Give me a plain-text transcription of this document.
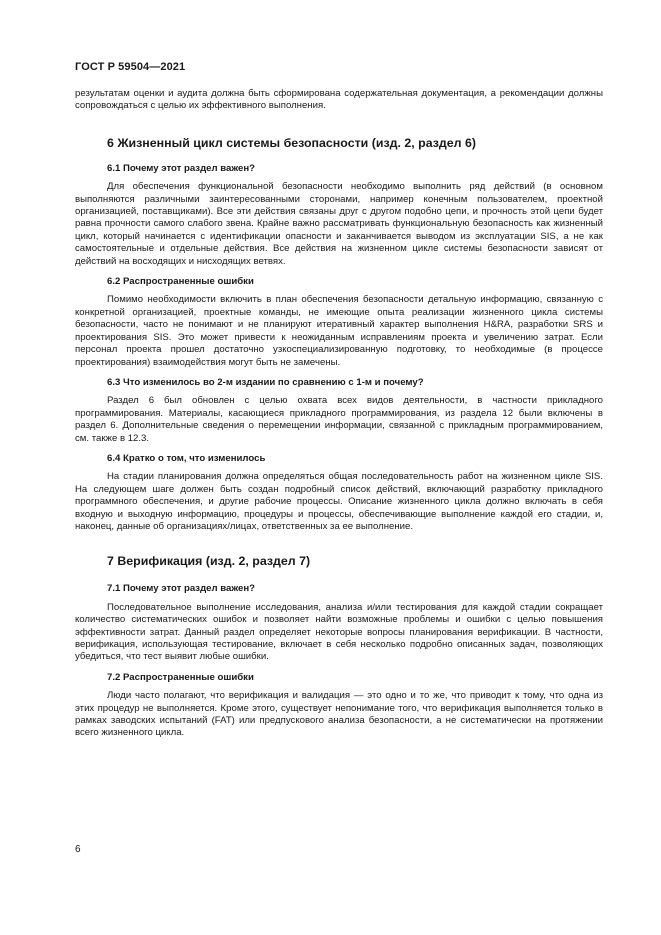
ГОСТ Р 59504—2021

результатам оценки и аудита должна быть сформирована содержательная документация, а рекомендации должны сопровождаться с целью их эффективного выполнения.

6 Жизненный цикл системы безопасности (изд. 2, раздел 6)
6.1 Почему этот раздел важен?

Для обеспечения функциональной безопасности необходимо выполнить ряд действий (в основном выполняются различными заинтересованными сторонами, например конечным пользователем, проектной организацией, поставщиками). Все эти действия связаны друг с другом подобно цепи, и прочность этой цепи будет равна прочности самого слабого звена. Крайне важно рассматривать функциональную безопасность как жизненный цикл, который начинается с идентификации опасности и заканчивается выводом из эксплуатации SIS, а не как самостоятельные и отдельные действия. Все действия на жизненном цикле системы безопасности зависят от действий на восходящих и нисходящих ветвях.

6.2 Распространенные ошибки

Помимо необходимости включить в план обеспечения безопасности детальную информацию, связанную с конкретной организацией, проектные команды, не имеющие опыта реализации жизненного цикла системы безопасности, часто не понимают и не планируют итеративный характер выполнения H&RA, разработки SRS и проектирования SIS. Это может привести к неожиданным исправлениям проекта и увеличению затрат. Если персонал проекта прошел достаточно узкоспециализированную подготовку, то необходимые (в процессе проектирования) взаимодействия могут быть не замечены.

6.3 Что изменилось во 2-м издании по сравнению с 1-м и почему?

Раздел 6 был обновлен с целью охвата всех видов деятельности, в частности прикладного программирования. Материалы, касающиеся прикладного программирования, из раздела 12 были включены в раздел 6. Дополнительные сведения о перемещении информации, связанной с прикладным программированием, см. также в 12.3.

6.4 Кратко о том, что изменилось

На стадии планирования должна определяться общая последовательность работ на жизненном цикле SIS. На следующем шаге должен быть создан подробный список действий, включающий разработку прикладного программного обеспечения, и другие рабочие процессы. Описание жизненного цикла должно включать в себя входную и выходную информацию, процедуры и процессы, обеспечивающие выполнение каждой его стадии, и, наконец, данные об организациях/лицах, ответственных за ее выполнение.

7 Верификация (изд. 2, раздел 7)
7.1 Почему этот раздел важен?

Последовательное выполнение исследования, анализа и/или тестирования для каждой стадии сокращает количество систематических ошибок и позволяет найти возможные проблемы и ошибки с целью повышения эффективности затрат. Данный раздел определяет некоторые вопросы планирования верификации. В частности, верификация, использующая тестирование, включает в себя несколько подробно описанных задач, позволяющих убедиться, что тест выявит любые ошибки.

7.2 Распространенные ошибки

Люди часто полагают, что верификация и валидация — это одно и то же, что приводит к тому, что одна из этих процедур не выполняется. Кроме этого, существует непонимание того, что верификация выполняется только в рамках заводских испытаний (FAT) или предпускового анализа безопасности, а не систематически на протяжении всего жизненного цикла.

6
